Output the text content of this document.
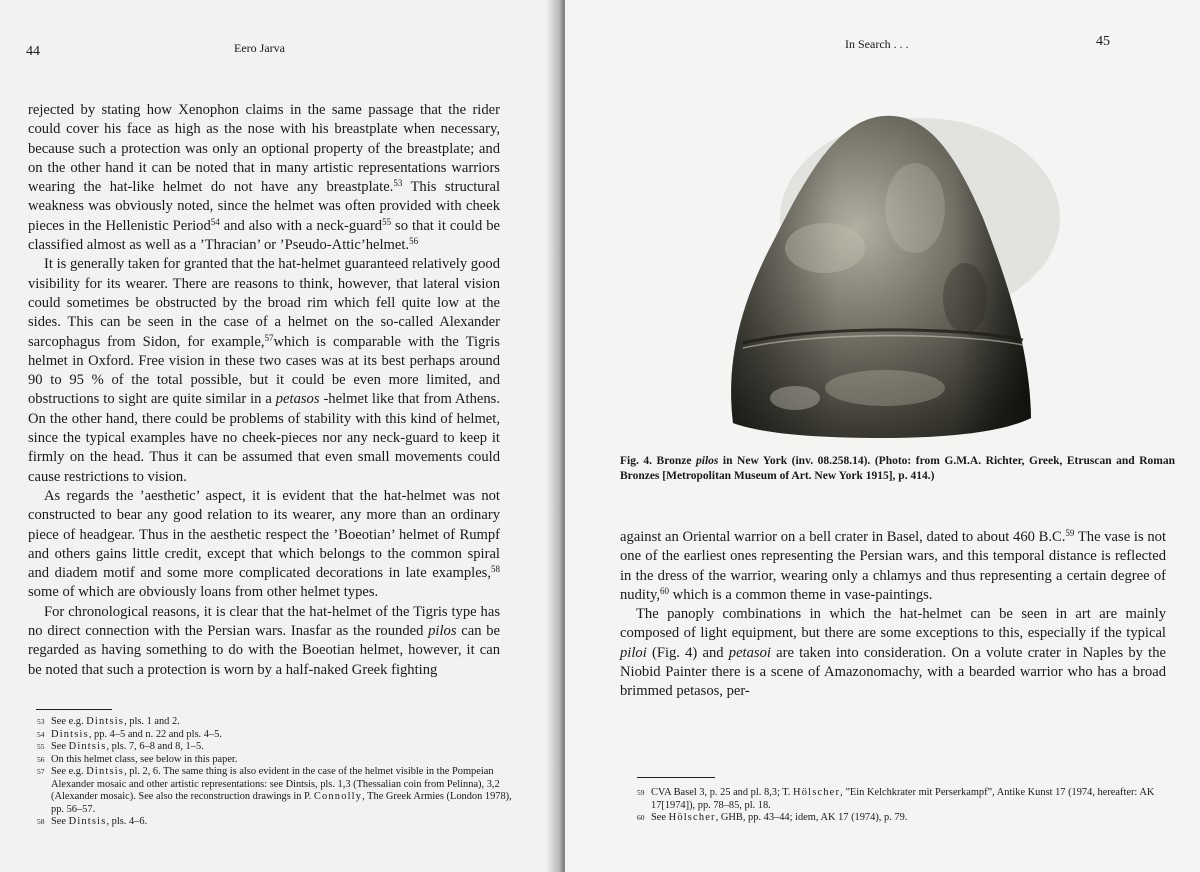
44	Eero Jarva

rejected by stating how Xenophon claims in the same passage that the rider could cover his face as high as the nose with his breastplate when necessary, because such a protection was only an optional property of the breastplate; and on the other hand it can be noted that in many artistic representations warriors wearing the hat-like helmet do not have any breastplate.$^{53}$ This structural weakness was obviously noted, since the helmet was often provided with cheek pieces in the Hellenistic Period$^{54}$ and also with a neck-guard$^{55}$ so that it could be classified almost as well as a ’Thracian’ or ’Pseudo-Attic’helmet.$^{56}$

It is generally taken for granted that the hat-helmet guaranteed relatively good visibility for its wearer. There are reasons to think, however, that lateral vision could sometimes be obstructed by the broad rim which fell quite low at the sides. This can be seen in the case of a helmet on the so-called Alexander sarcophagus from Sidon, for example,$^{57}$which is comparable with the Tigris helmet in Oxford. Free vision in these two cases was at its best perhaps around 90 to 95 % of the total possible, but it could be even more limited, and obstructions to sight are quite similar in a petasos -helmet like that from Athens. On the other hand, there could be problems of stability with this kind of helmet, since the typical examples have no cheek-pieces nor any neck-guard to keep it firmly on the head. Thus it can be assumed that even small movements could cause restrictions to vision.

As regards the ’aesthetic’ aspect, it is evident that the hat-helmet was not constructed to bear any good relation to its wearer, any more than an ordinary piece of headgear. Thus in the aesthetic respect the ’Boeotian’ helmet of Rumpf and others gains little credit, except that which belongs to the common spiral and diadem motif and some more complicated decorations in late examples,$^{58}$ some of which are obviously loans from other helmet types.

For chronological reasons, it is clear that the hat-helmet of the Tigris type has no direct connection with the Persian wars. Inasfar as the rounded pilos can be regarded as having something to do with the Boeotian helmet, however, it can be noted that such a protection is worn by a half-naked Greek fighting

53 See e.g. Dintsis, pls. 1 and 2.
54 Dintsis, pp. 4–5 and n. 22 and pls. 4–5.
55 See Dintsis, pls. 7, 6–8 and 8, 1–5.
56 On this helmet class, see below in this paper.
57 See e.g. Dintsis, pl. 2, 6. The same thing is also evident in the case of the helmet visible in the Pompeian Alexander mosaic and other artistic representations: see Dintsis, pls. 1,3 (Thessalian coin from Pelinna), 3,2 (Alexander mosaic). See also the reconstruction drawings in P. Connolly, The Greek Armies (London 1978), pp. 56–57.
58 See Dintsis, pls. 4–6.
In Search . . .	45
Fig. 4. Bronze pilos in New York (inv. 08.258.14). (Photo: from G.M.A. Richter, Greek, Etruscan and Roman Bronzes [Metropolitan Museum of Art. New York 1915], p. 414.)

against an Oriental warrior on a bell crater in Basel, dated to about 460 B.C.$^{59}$ The vase is not one of the earliest ones representing the Persian wars, and this temporal distance is reflected in the dress of the warrior, wearing only a chlamys and thus representing a certain degree of nudity,$^{60}$ which is a common theme in vase-paintings.

The panoply combinations in which the hat-helmet can be seen in art are mainly composed of light equipment, but there are some exceptions to this, especially if the typical piloi (Fig. 4) and petasoi are taken into consideration. On a volute crater in Naples by the Niobid Painter there is a scene of Amazonomachy, with a bearded warrior who has a broad brimmed petasos, per-

59 CVA Basel 3, p. 25 and pl. 8,3; T. Hölscher, ”Ein Kelchkrater mit Perserkampf”, Antike Kunst 17 (1974, hereafter: AK 17[1974]), pp. 78–85, pl. 18.
60 See Hölscher, GHB, pp. 43–44; idem, AK 17 (1974), p. 79.
